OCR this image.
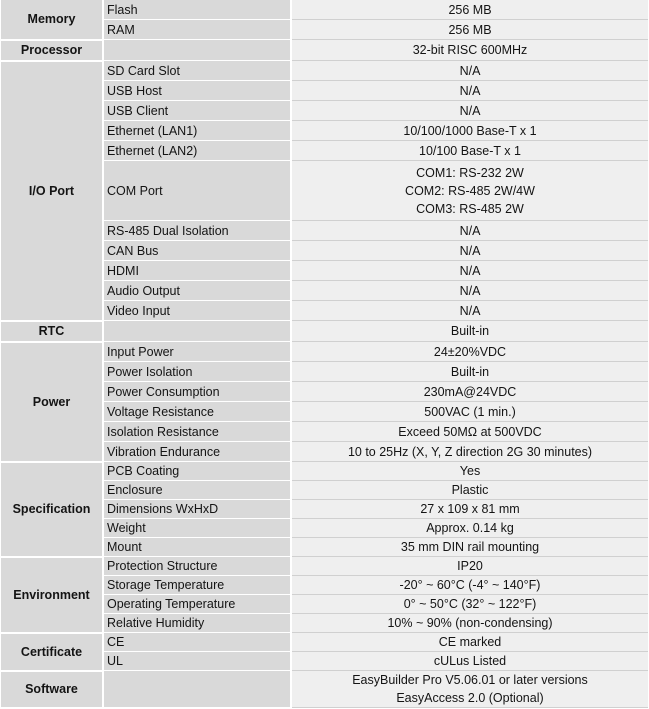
Memory	Flash	256 MB
	RAM	256 MB
Processor		32-bit RISC 600MHz
I/O Port	SD Card Slot	N/A
	USB Host	N/A
	USB Client	N/A
	Ethernet (LAN1)	10/100/1000 Base-T x 1
	Ethernet (LAN2)	10/100 Base-T x 1
	COM Port	COM1: RS-232 2W
COM2: RS-485 2W/4W
COM3: RS-485 2W

	RS-485 Dual Isolation	N/A
	CAN Bus	N/A
	HDMI	N/A
	Audio Output	N/A
	Video Input	N/A
RTC		Built-in
Power	Input Power	24±20%VDC
	Power Isolation	Built-in
	Power Consumption	230mA@24VDC
	Voltage Resistance	500VAC (1 min.)
	Isolation Resistance	Exceed 50MΩ at 500VDC
	Vibration Endurance	10 to 25Hz (X, Y, Z direction 2G 30 minutes)
Specification	PCB Coating	Yes
	Enclosure	Plastic
	Dimensions WxHxD	27 x 109 x 81 mm
	Weight	Approx. 0.14 kg
	Mount	35 mm DIN rail mounting
Environment	Protection Structure	IP20
	Storage Temperature	-20° ~ 60°C (-4° ~ 140°F)
	Operating Temperature	0° ~ 50°C (32° ~ 122°F)
	Relative Humidity	10% ~ 90% (non-condensing)
Certificate	CE	CE marked
	UL	cULus Listed
Software		EasyBuilder Pro V5.06.01 or later versions
EasyAccess 2.0 (Optional)
